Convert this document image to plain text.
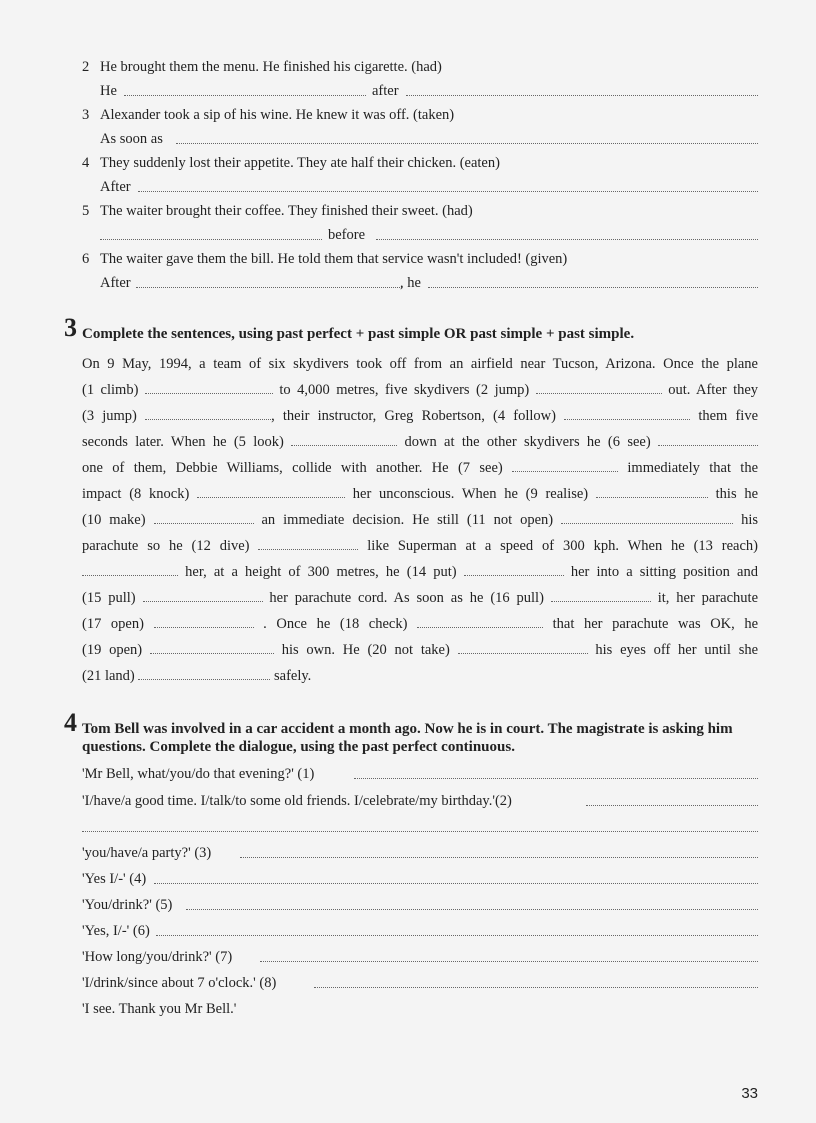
2 He brought them the menu. He finished his cigarette. (had)
He	after
3 Alexander took a sip of his wine. He knew it was off. (taken)
As soon as
4 They suddenly lost their appetite. They ate half their chicken. (eaten)
After
5 The waiter brought their coffee. They finished their sweet. (had)
before
6 The waiter gave them the bill. He told them that service wasn't included! (given)
After	, he
3 Complete the sentences, using past perfect + past simple OR past simple + past simple.
On 9 May, 1994, a team of six skydivers took off from an airfield near Tucson, Arizona. Once the plane
(1 climb)	to 4,000 metres, five skydivers (2 jump)	out. After they
(3 jump)	, their instructor, Greg Robertson, (4 follow)	them five
seconds later. When he (5 look)	down at the other skydivers he (6 see)
one of them, Debbie Williams, collide with another. He (7 see)	immediately that the
impact (8 knock)	her unconscious. When he (9 realise)	this he
(10 make)	an immediate decision. He still (11 not open)	his
parachute so he (12 dive)	like Superman at a speed of 300 kph. When he (13 reach)
her, at a height of 300 metres, he (14 put)	her into a sitting position and
(15 pull)	her parachute cord. As soon as he (16 pull)	it, her parachute
(17 open)	. Once he (18 check)	that her parachute was OK, he
(19 open)	his own. He (20 not take)	his eyes off her until she
(21 land)	safely.
4 Tom Bell was involved in a car accident a month ago. Now he is in court. The magistrate is asking him questions. Complete the dialogue, using the past perfect continuous.
'Mr Bell, what/you/do that evening?' (1)
'I/have/a good time. I/talk/to some old friends. I/celebrate/my birthday.'(2)
'you/have/a party?' (3)
'Yes I/-' (4)
'You/drink?' (5)
'Yes, I/-' (6)
'How long/you/drink?' (7)
'I/drink/since about 7 o'clock.' (8)
'I see. Thank you Mr Bell.'
33
